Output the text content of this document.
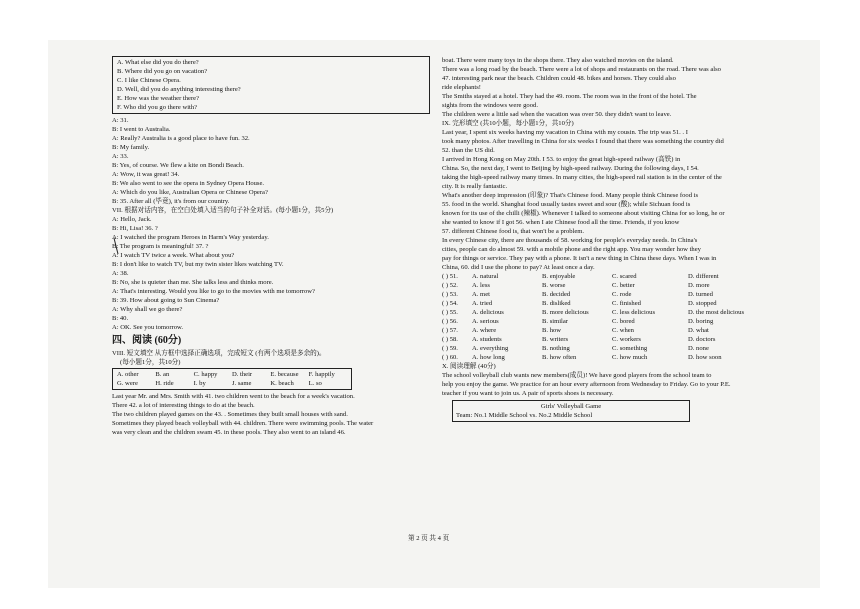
A. What else did you do there?
B. Where did you go on vacation?
C. I like Chinese Opera.
D. Well, did you do anything interesting there?
E. How was the weather there?
F. Who did you go there with?
A: 31.
B: I went to Australia.
A: Really? Australia is a good place to have fun. 32.
B: My family.
A: 33.
B: Yes, of course. We flew a kite on Bondi Beach.
A: Wow, it was great! 34.
B: We also went to see the opera in Sydney Opera House.
A: Which do you like, Australian Opera or Chinese Opera?
B: 35. After all (毕竟), it's from our country.
VII. 根据对话内容，在空白处填入适当的句子补全对话。(每小题1分，共5分)
A: Hello, Jack.
B: Hi, Lisa! 36. ?
A: I watched the program Heroes in Harm's Way yesterday.
B: The program is meaningful! 37. ?
A: I watch TV twice a week. What about you?
B: I don't like to watch TV, but my twin sister likes watching TV.
A: 38.
B: No, she is quieter than me. She talks less and thinks more.
A: That's interesting. Would you like to go to the movies with me tomorrow?
B: 39. How about going to Sun Cinema?
A: Why shall we go there?
B: 40.
A: OK. See you tomorrow.
四、阅读 (60分)
VIII. 短文填空 从方框中选择正确选项，完成短文 (有两个选项是多余的)。
(每小题1分，共10分)
A. other	B. an	C. happy	D. their	E. because	F. happily
G. were	H. ride	I. by	J. same	K. beach	L. so
Last year Mr. and Mrs. Smith with 41. two children went to the beach for a week's vacation.
There 42. a lot of interesting things to do at the beach.
The two children played games on the 43. . Sometimes they built small houses with sand.
Sometimes they played beach volleyball with 44. children. There were swimming pools. The water
was very clean and the children swam 45. in these pools. They also went to an island 46.
boat. There were many toys in the shops there. They also watched movies on the island.
There was a long road by the beach. There were a lot of shops and restaurants on the road. There was also
47. interesting park near the beach. Children could 48. bikes and horses. They could also
ride elephants!
The Smiths stayed at a hotel. They had the 49. room. The room was in the front of the hotel. The
sights from the windows were good.
The children were a little sad when the vacation was over 50. they didn't want to leave.
IX. 完形填空 (共10小题，每小题1分，共10分)
Last year, I spent six weeks having my vacation in China with my cousin. The trip was 51. . I
took many photos. After travelling in China for six weeks I found that there was something the country did
52. than the US did.
I arrived in Hong Kong on May 20th. I 53. to enjoy the great high-speed railway (高铁) in
China. So, the next day, I went to Beijing by high-speed railway. During the following days, I 54.
taking the high-speed railway many times. In many cities, the high-speed rail station is in the center of the
city. It is really fantastic.
What's another deep impression (印象)? That's Chinese food. Many people think Chinese food is
55. food in the world. Shanghai food usually tastes sweet and sour (酸); while Sichuan food is
known for its use of the chilli (辣椒). Whenever I talked to someone about visiting China for so long, he or
she wanted to know if I got 56. when I ate Chinese food all the time. Friends, if you know
57. different Chinese food is, that won't be a problem.
In every Chinese city, there are thousands of 58. working for people's everyday needs. In China's
cities, people can do almost 59. with a mobile phone and the right app. You may wonder how they
pay for things or service. They pay with a phone. It isn't a new thing in China these days. When I was in
China, 60. did I use the phone to pay? At least once a day.
( ) 51.	A. natural	B. enjoyable	C. scared	D. different
( ) 52.	A. less	B. worse	C. better	D. more
( ) 53.	A. met	B. decided	C. rode	D. turned
( ) 54.	A. tried	B. disliked	C. finished	D. stopped
( ) 55.	A. delicious	B. more delicious	C. less delicious	D. the most delicious
( ) 56.	A. serious	B. similar	C. bored	D. boring
( ) 57.	A. where	B. how	C. when	D. what
( ) 58.	A. students	B. writers	C. workers	D. doctors
( ) 59.	A. everything	B. nothing	C. something	D. none
( ) 60.	A. how long	B. how often	C. how much	D. how soon
X. 阅读理解 (40分)
The school volleyball club wants new members(成员)! We have good players from the school team to
help you enjoy the game. We practice for an hour every afternoon from Wednesday to Friday. Go to your P.E.
teacher if you want to join us. A pair of sports shoes is necessary.
Girls' Volleyball Game
Team: No.1 Middle School vs. No.2 Middle School
第 2 页 共 4 页
